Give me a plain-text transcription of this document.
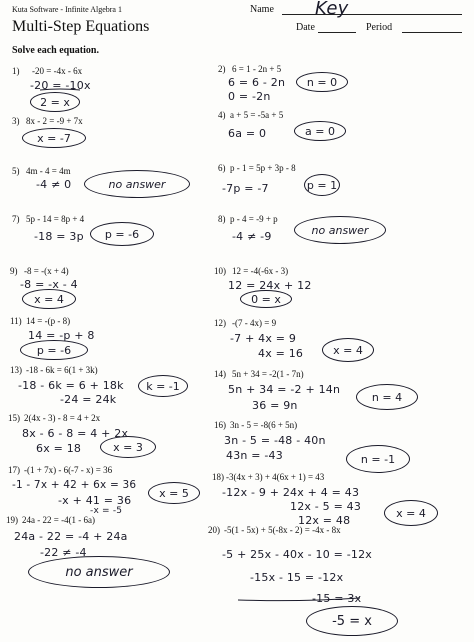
Kuta Software - Infinite Algebra 1
Multi-Step Equations
Solve each equation.
Name Key
Date	Period
-20 = -4x - 6x
1)
-20 = -10x
2 = x
2) 6 = 1 - 2n + 5
6 = 6 - 2n
0 = -2n
n = 0
3) 8x - 2 = -9 + 7x
x = -7
4) a + 5 = -5a + 5
6a = 0	a = 0
5) 4m - 4 = 4m
-4 ≠ 0	no answer
6) p - 1 = 5p + 3p - 8
-7p = -7	p = 1
7) 5p - 14 = 8p + 4
-18 = 3p	p = -6
8) p - 4 = -9 + p
-4 ≠ -9	no answer
9) -8 = -(x + 4)
-8 = -x - 4
x = 4
10) 12 = -4(-6x - 3)
12 = 24x + 12
0 = x
11) 14 = -(p - 8)
14 = -p + 8
p = -6
12) -(7 - 4x) = 9
-7 + 4x = 9
4x = 16	x = 4
13) -18 - 6k = 6(1 + 3k)
-18 - 6k = 6 + 18k
-24 = 24k
k = -1
14) 5n + 34 = -2(1 - 7n)
5n + 34 = -2 + 14n
36 = 9n
n = 4
15) 2(4x - 3) - 8 = 4 + 2x
8x - 6 - 8 = 4 + 2x
6x = 18	x = 3
16) 3n - 5 = -8(6 + 5n)
3n - 5 = -48 - 40n
43n = -43	n = -1
17) -(1 + 7x) - 6(-7 - x) = 36
-1 - 7x + 42 + 6x = 36
-x + 41 = 36
-x = -5
x = 5
18) -3(4x + 3) + 4(6x + 1) = 43
-12x - 9 + 24x + 4 = 43
12x - 5 = 43
12x = 48
x = 4
19) 24a - 22 = -4(1 - 6a)
24a - 22 = -4 + 24a
-22 ≠ -4
no answer
20) -5(1 - 5x) + 5(-8x - 2) = -4x - 8x
-5 + 25x - 40x - 10 = -12x
-15x - 15 = -12x
-15 = 3x
-5 = x
